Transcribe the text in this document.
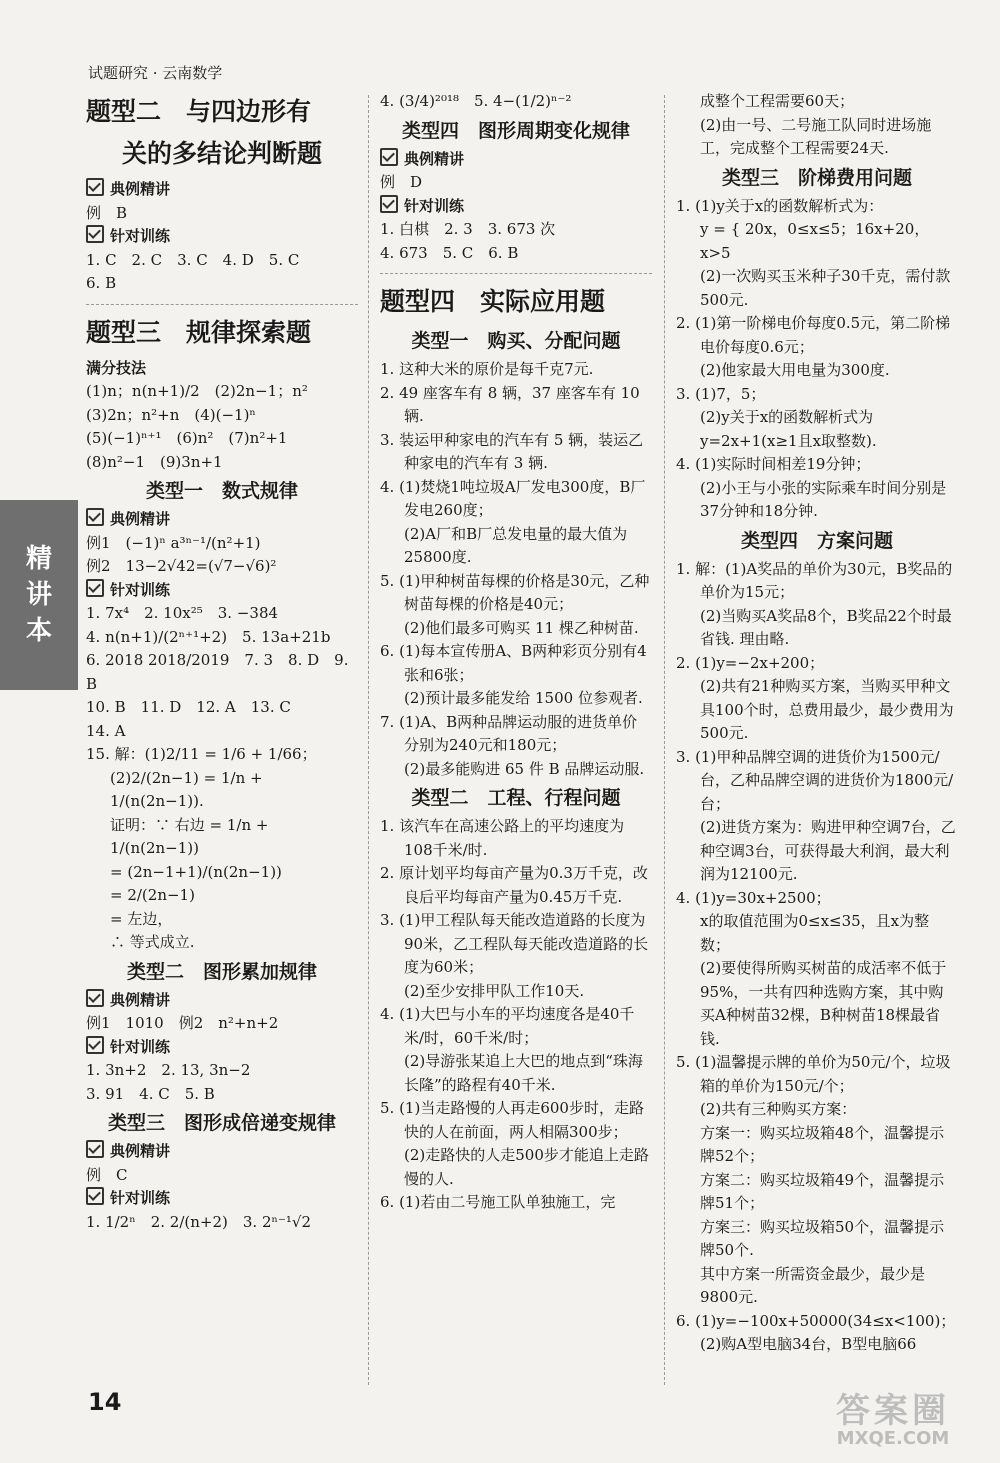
试题研究 · 云南数学
题型二　与四边形有
关的多结论判断题
典例精讲
例　B
针对训练
1. C　2. C　3. C　4. D　5. C
6. B
题型三　规律探索题
满分技法
(1)n；n(n+1)/2　(2)2n−1；n²
(3)2n；n²+n　(4)(−1)ⁿ
(5)(−1)ⁿ⁺¹　(6)n²　(7)n²+1
(8)n²−1　(9)3n+1
类型一　数式规律
典例精讲
例1　(−1)ⁿ a³ⁿ⁻¹/(n²+1)
例2　13−2√42=(√7−√6)²
针对训练
1. 7x⁴　2. 10x²⁵　3. −384
4. n(n+1)/(2ⁿ⁺¹+2)　5. 13a+21b
6. 2018 2018/2019　7. 3　8. D　9. B
10. B　11. D　12. A　13. C
14. A
15. 解：(1)2/11 = 1/6 + 1/66；
(2)2/(2n−1) = 1/n + 1/(n(2n−1)).
证明：∵ 右边 = 1/n + 1/(n(2n−1))
= (2n−1+1)/(n(2n−1))
= 2/(2n−1)
= 左边，
∴ 等式成立.
类型二　图形累加规律
典例精讲
例1　1010　例2　n²+n+2
针对训练
1. 3n+2　2. 13, 3n−2
3. 91　4. C　5. B
类型三　图形成倍递变规律
典例精讲
例　C
针对训练
1. 1/2ⁿ　2. 2/(n+2)　3. 2ⁿ⁻¹√2
4. (3/4)²⁰¹⁸　5. 4−(1/2)ⁿ⁻²
类型四　图形周期变化规律
典例精讲
例　D
针对训练
1. 白棋　2. 3　3. 673 次
4. 673　5. C　6. B
题型四　实际应用题
类型一　购买、分配问题
1. 这种大米的原价是每千克7元.
2. 49 座客车有 8 辆，37 座客车有 10 辆.
3. 装运甲种家电的汽车有 5 辆，装运乙种家电的汽车有 3 辆.
4. (1)焚烧1吨垃圾A厂发电300度，B厂发电260度；
(2)A厂和B厂总发电量的最大值为25800度.
5. (1)甲种树苗每棵的价格是30元，乙种树苗每棵的价格是40元；
(2)他们最多可购买 11 棵乙种树苗.
6. (1)每本宣传册A、B两种彩页分别有4张和6张；
(2)预计最多能发给 1500 位参观者.
7. (1)A、B两种品牌运动服的进货单价分别为240元和180元；
(2)最多能购进 65 件 B 品牌运动服.
类型二　工程、行程问题
1. 该汽车在高速公路上的平均速度为108千米/时.
2. 原计划平均每亩产量为0.3万千克，改良后平均每亩产量为0.45万千克.
3. (1)甲工程队每天能改造道路的长度为90米，乙工程队每天能改造道路的长度为60米；
(2)至少安排甲队工作10天.
4. (1)大巴与小车的平均速度各是40千米/时，60千米/时；
(2)导游张某追上大巴的地点到“珠海长隆”的路程有40千米.
5. (1)当走路慢的人再走600步时，走路快的人在前面，两人相隔300步；
(2)走路快的人走500步才能追上走路慢的人.
6. (1)若由二号施工队单独施工，完
成整个工程需要60天；
(2)由一号、二号施工队同时进场施工，完成整个工程需要24天.
类型三　阶梯费用问题
1. (1)y关于x的函数解析式为：
y = { 20x，0≤x≤5；16x+20，x>5
(2)一次购买玉米种子30千克，需付款500元.
2. (1)第一阶梯电价每度0.5元，第二阶梯电价每度0.6元；
(2)他家最大用电量为300度.
3. (1)7，5；
(2)y关于x的函数解析式为y=2x+1(x≥1且x取整数).
4. (1)实际时间相差19分钟；
(2)小王与小张的实际乘车时间分别是37分钟和18分钟.
类型四　方案问题
1. 解：(1)A奖品的单价为30元，B奖品的单价为15元；
(2)当购买A奖品8个，B奖品22个时最省钱. 理由略.
2. (1)y=−2x+200；
(2)共有21种购买方案，当购买甲种文具100个时，总费用最少，最少费用为500元.
3. (1)甲种品牌空调的进货价为1500元/台，乙种品牌空调的进货价为1800元/台；
(2)进货方案为：购进甲种空调7台，乙种空调3台，可获得最大利润，最大利润为12100元.
4. (1)y=30x+2500；
x的取值范围为0≤x≤35，且x为整数；
(2)要使得所购买树苗的成活率不低于95%，一共有四种选购方案，其中购买A种树苗32棵，B种树苗18棵最省钱.
5. (1)温馨提示牌的单价为50元/个，垃圾箱的单价为150元/个；
(2)共有三种购买方案：
方案一：购买垃圾箱48个，温馨提示牌52个；
方案二：购买垃圾箱49个，温馨提示牌51个；
方案三：购买垃圾箱50个，温馨提示牌50个.
其中方案一所需资金最少，最少是9800元.
6. (1)y=−100x+50000(34≤x<100)；
(2)购A型电脑34台，B型电脑66
精
讲
本
14	答案圈
MXQE.COM
